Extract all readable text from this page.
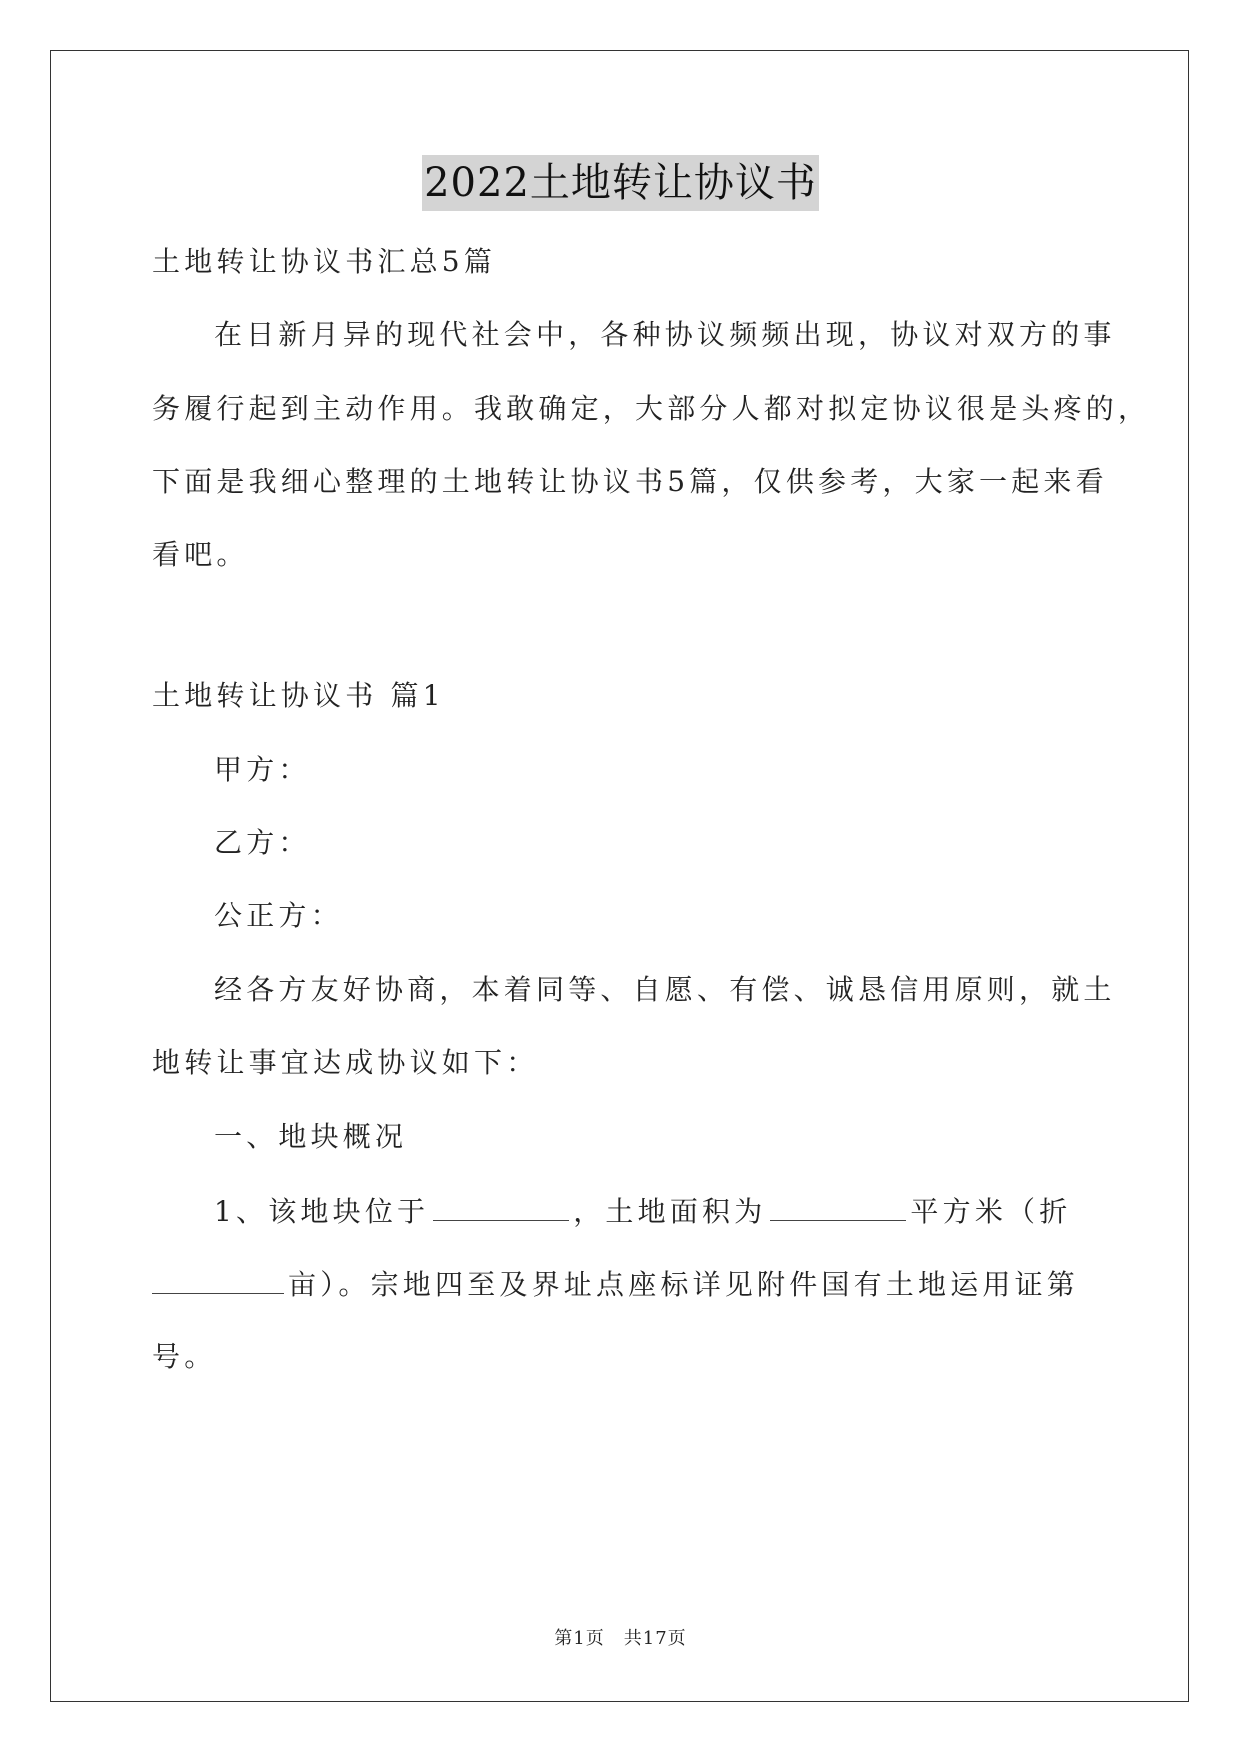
2022土地转让协议书
土地转让协议书汇总5篇
在日新月异的现代社会中，各种协议频频出现，协议对双方的事
务履行起到主动作用。我敢确定，大部分人都对拟定协议很是头疼的，
下面是我细心整理的土地转让协议书5篇，仅供参考，大家一起来看
看吧。
土地转让协议书 篇1
甲方：
乙方：
公正方：
经各方友好协商，本着同等、自愿、有偿、诚恳信用原则，就土
地转让事宜达成协议如下：
一、地块概况
1、该地块位于	，土地面积为	平方米（折
亩）。宗地四至及界址点座标详见附件国有土地运用证第
号。
第1页　共17页
